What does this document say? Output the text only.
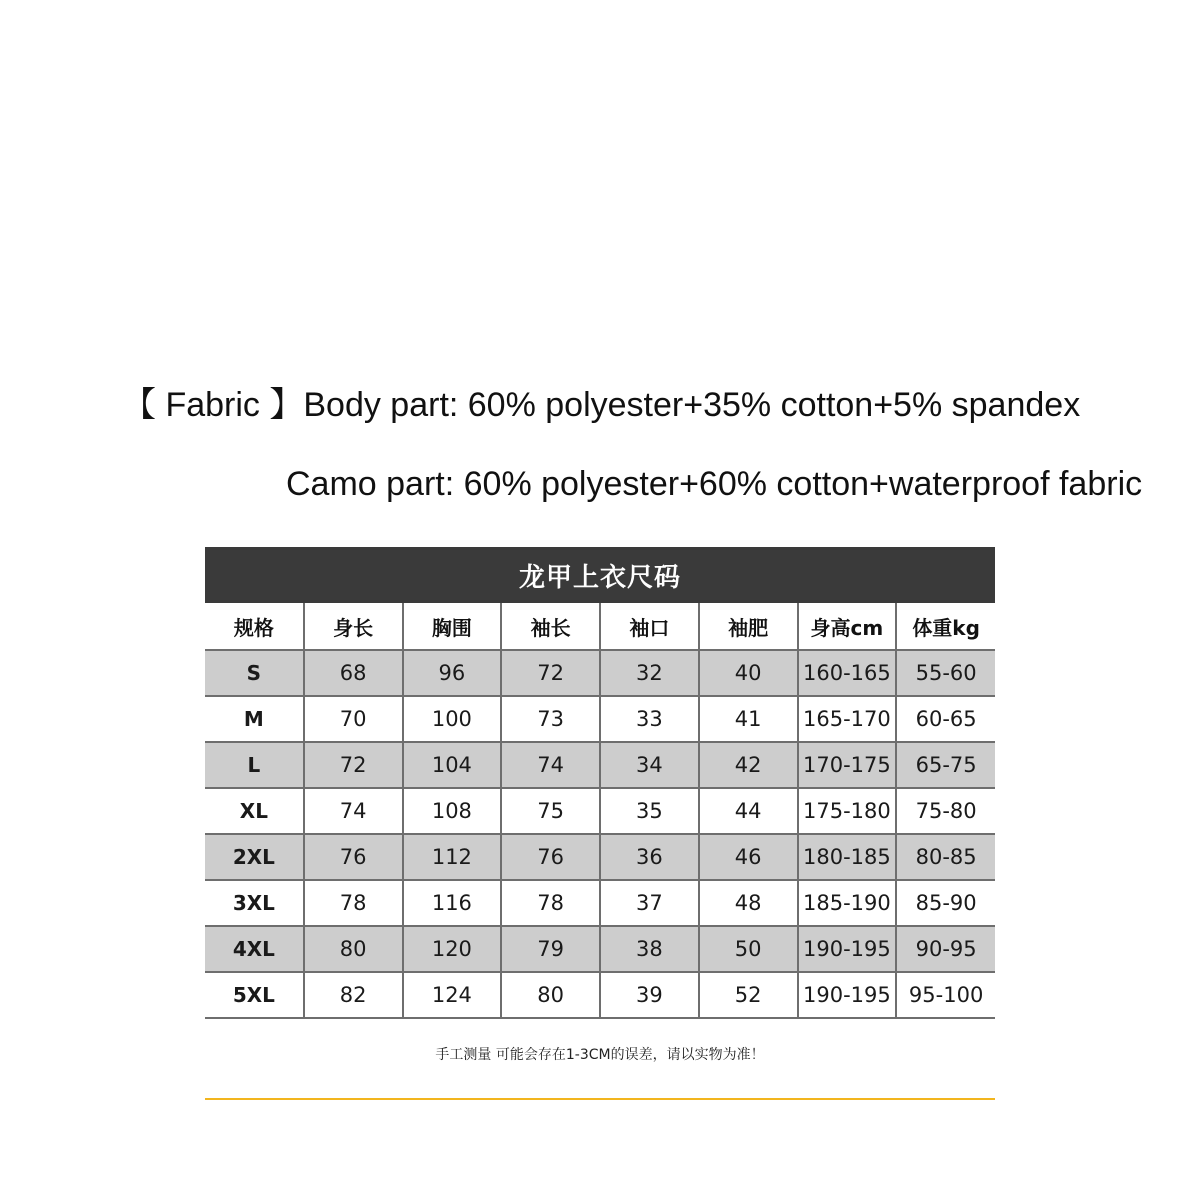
【 Fabric 】Body part: 60% polyester+35% cotton+5% spandex
Camo part: 60% polyester+60% cotton+waterproof fabric
龙甲上衣尺码
规格	身长	胸围	袖长	袖口	袖肥	身高cm	体重kg
S	68	96	72	32	40	160-165	55-60
M	70	100	73	33	41	165-170	60-65
L	72	104	74	34	42	170-175	65-75
XL	74	108	75	35	44	175-180	75-80
2XL	76	112	76	36	46	180-185	80-85
3XL	78	116	78	37	48	185-190	85-90
4XL	80	120	79	38	50	190-195	90-95
5XL	82	124	80	39	52	190-195	95-100
手工测量 可能会存在1-3CM的误差，请以实物为准！
